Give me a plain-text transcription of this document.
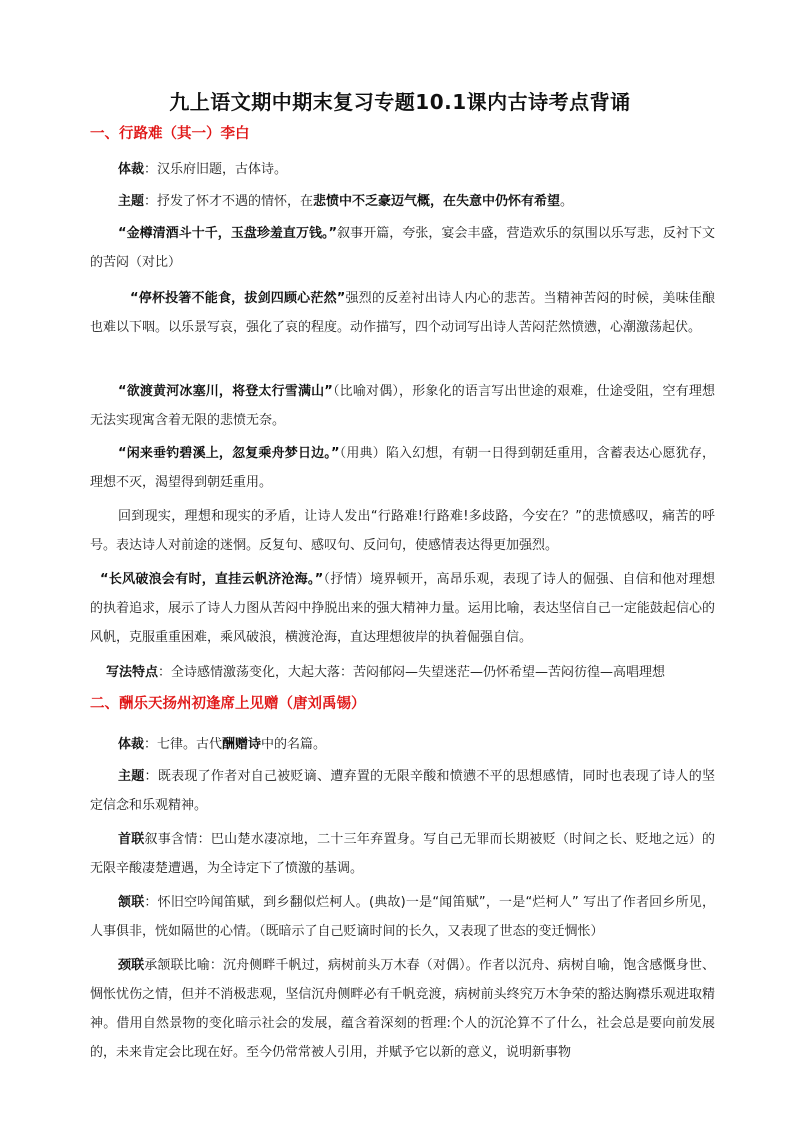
九上语文期中期末复习专题10.1课内古诗考点背诵
一、行路难（其一）李白

体裁：汉乐府旧题，古体诗。

主题：抒发了怀才不遇的情怀，在悲愤中不乏豪迈气概，在失意中仍怀有希望。

“金樽清酒斗十千，玉盘珍羞直万钱。”叙事开篇，夸张，宴会丰盛，营造欢乐的氛围以乐写悲，反衬下文的苦闷（对比）

“停杯投箸不能食，拔剑四顾心茫然”强烈的反差衬出诗人内心的悲苦。当精神苦闷的时候，美味佳酿也难以下咽。以乐景写哀，强化了哀的程度。动作描写，四个动词写出诗人苦闷茫然愤懑，心潮激荡起伏。

“欲渡黄河冰塞川，将登太行雪满山”（比喻对偶），形象化的语言写出世途的艰难，仕途受阻，空有理想无法实现寓含着无限的悲愤无奈。

“闲来垂钓碧溪上，忽复乘舟梦日边。”（用典）陷入幻想，有朝一日得到朝廷重用，含蓄表达心愿犹存，理想不灭，渴望得到朝廷重用。

回到现实，理想和现实的矛盾，让诗人发出“行路难!行路难!多歧路，今安在？”的悲愤感叹，痛苦的呼号。表达诗人对前途的迷惘。反复句、感叹句、反问句，使感情表达得更加强烈。

“长风破浪会有时，直挂云帆济沧海。”（抒情）境界顿开，高昂乐观，表现了诗人的倔强、自信和他对理想的执着追求，展示了诗人力图从苦闷中挣脱出来的强大精神力量。运用比喻，表达坚信自己一定能鼓起信心的风帆，克服重重困难，乘风破浪，横渡沧海，直达理想彼岸的执着倔强自信。

写法特点：全诗感情激荡变化，大起大落：苦闷郁闷—失望迷茫—仍怀希望—苦闷彷徨—高唱理想

二、酬乐天扬州初逢席上见赠（唐刘禹锡）

体裁：七律。古代酬赠诗中的名篇。

主题：既表现了作者对自己被贬谪、遭弃置的无限辛酸和愤懑不平的思想感情，同时也表现了诗人的坚定信念和乐观精神。

首联叙事含情：巴山楚水凄凉地，二十三年弃置身。写自己无罪而长期被贬（时间之长、贬地之远）的无限辛酸凄楚遭遇，为全诗定下了愤激的基调。

颔联：怀旧空吟闻笛赋，到乡翻似烂柯人。(典故)一是“闻笛赋”，一是“烂柯人” 写出了作者回乡所见，人事俱非，恍如隔世的心情。（既暗示了自己贬谪时间的长久，又表现了世态的变迁惆怅）

颈联承颔联比喻：沉舟侧畔千帆过，病树前头万木春（对偶）。作者以沉舟、病树自喻，饱含感慨身世、惆怅忧伤之情，但并不消极悲观，坚信沉舟侧畔必有千帆竞渡，病树前头终究万木争荣的豁达胸襟乐观进取精神。借用自然景物的变化暗示社会的发展，蕴含着深刻的哲理:个人的沉沦算不了什么，社会总是要向前发展的，未来肯定会比现在好。至今仍常常被人引用，并赋予它以新的意义，说明新事物
